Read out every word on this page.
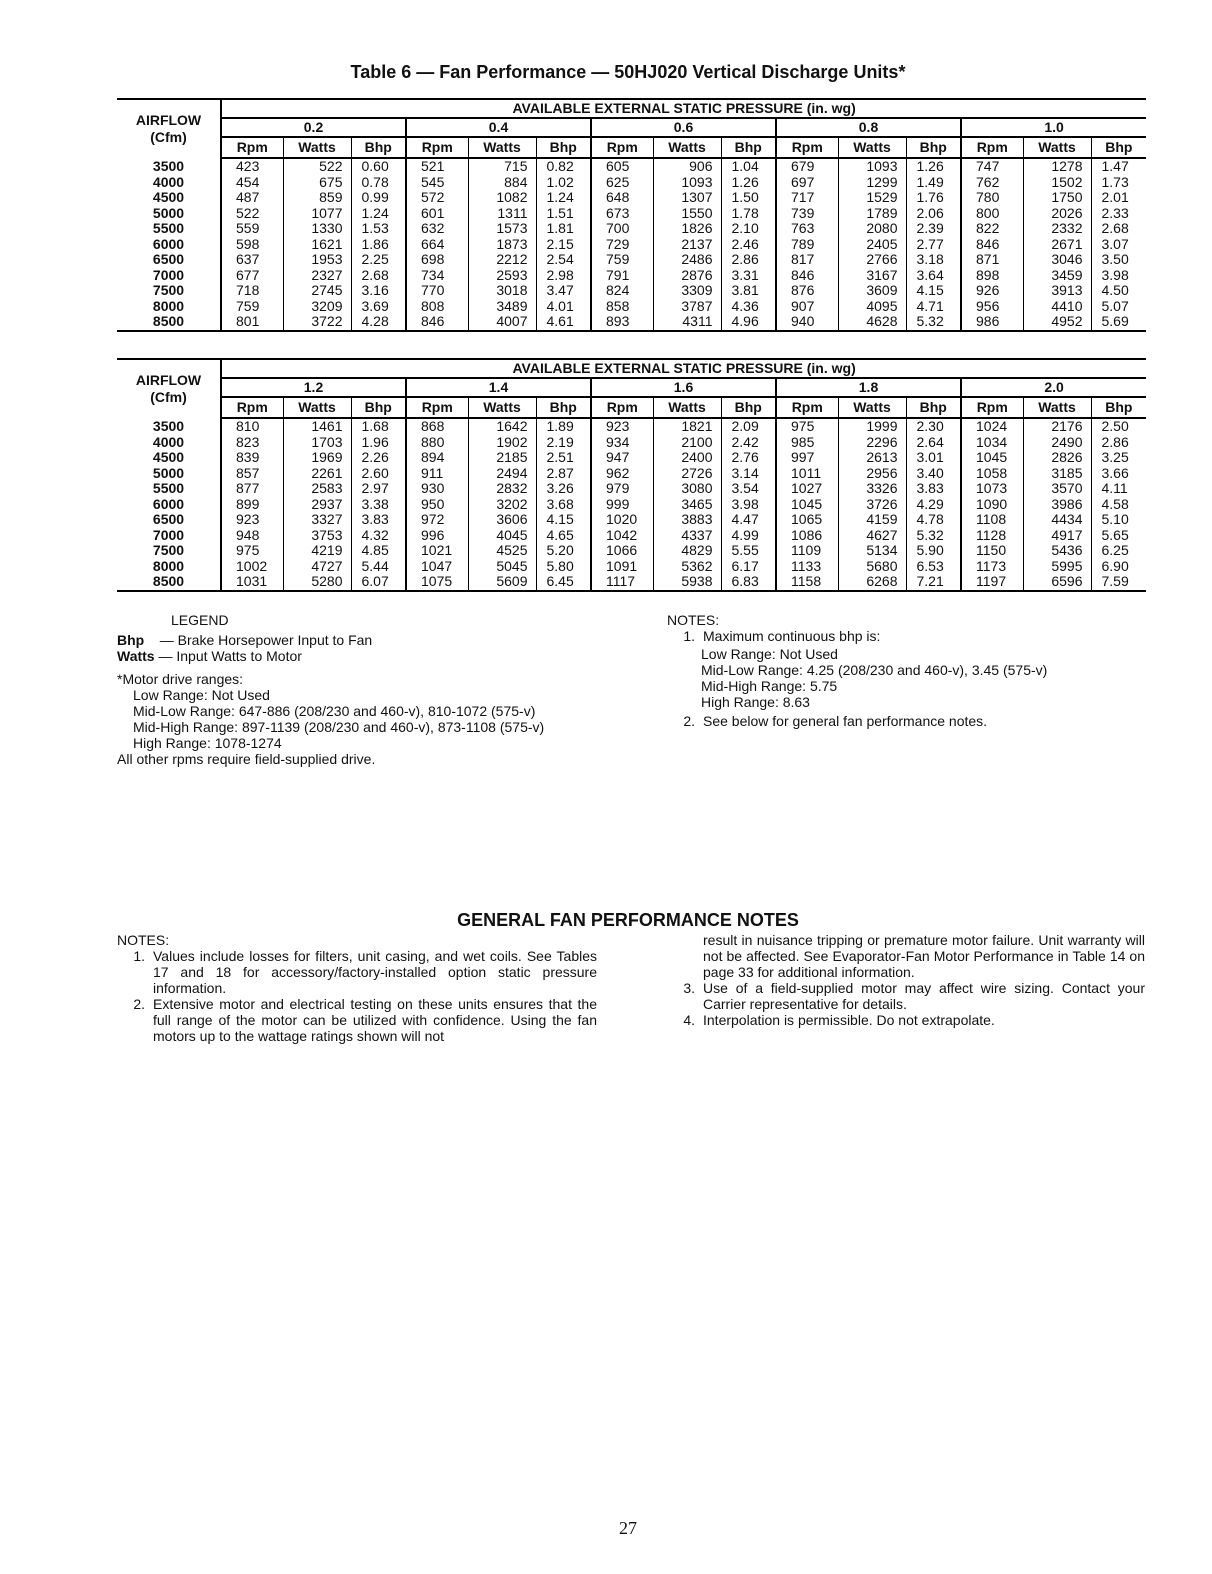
Table 6 — Fan Performance — 50HJ020 Vertical Discharge Units*
AIRFLOW
(Cfm)	AVAILABLE EXTERNAL STATIC PRESSURE (in. wg)														
	0.2			0.4			0.6			0.8			1.0		
	Rpm	Watts	Bhp	Rpm	Watts	Bhp	Rpm	Watts	Bhp	Rpm	Watts	Bhp	Rpm	Watts	Bhp
3500	423	522	0.60	521	715	0.82	605	906	1.04	679	1093	1.26	747	1278	1.47
4000	454	675	0.78	545	884	1.02	625	1093	1.26	697	1299	1.49	762	1502	1.73
4500	487	859	0.99	572	1082	1.24	648	1307	1.50	717	1529	1.76	780	1750	2.01
5000	522	1077	1.24	601	1311	1.51	673	1550	1.78	739	1789	2.06	800	2026	2.33
5500	559	1330	1.53	632	1573	1.81	700	1826	2.10	763	2080	2.39	822	2332	2.68
6000	598	1621	1.86	664	1873	2.15	729	2137	2.46	789	2405	2.77	846	2671	3.07
6500	637	1953	2.25	698	2212	2.54	759	2486	2.86	817	2766	3.18	871	3046	3.50
7000	677	2327	2.68	734	2593	2.98	791	2876	3.31	846	3167	3.64	898	3459	3.98
7500	718	2745	3.16	770	3018	3.47	824	3309	3.81	876	3609	4.15	926	3913	4.50
8000	759	3209	3.69	808	3489	4.01	858	3787	4.36	907	4095	4.71	956	4410	5.07
8500	801	3722	4.28	846	4007	4.61	893	4311	4.96	940	4628	5.32	986	4952	5.69
AIRFLOW
(Cfm)	AVAILABLE EXTERNAL STATIC PRESSURE (in. wg)														
	1.2			1.4			1.6			1.8			2.0		
	Rpm	Watts	Bhp	Rpm	Watts	Bhp	Rpm	Watts	Bhp	Rpm	Watts	Bhp	Rpm	Watts	Bhp
3500	810	1461	1.68	868	1642	1.89	923	1821	2.09	975	1999	2.30	1024	2176	2.50
4000	823	1703	1.96	880	1902	2.19	934	2100	2.42	985	2296	2.64	1034	2490	2.86
4500	839	1969	2.26	894	2185	2.51	947	2400	2.76	997	2613	3.01	1045	2826	3.25
5000	857	2261	2.60	911	2494	2.87	962	2726	3.14	1011	2956	3.40	1058	3185	3.66
5500	877	2583	2.97	930	2832	3.26	979	3080	3.54	1027	3326	3.83	1073	3570	4.11
6000	899	2937	3.38	950	3202	3.68	999	3465	3.98	1045	3726	4.29	1090	3986	4.58
6500	923	3327	3.83	972	3606	4.15	1020	3883	4.47	1065	4159	4.78	1108	4434	5.10
7000	948	3753	4.32	996	4045	4.65	1042	4337	4.99	1086	4627	5.32	1128	4917	5.65
7500	975	4219	4.85	1021	4525	5.20	1066	4829	5.55	1109	5134	5.90	1150	5436	6.25
8000	1002	4727	5.44	1047	5045	5.80	1091	5362	6.17	1133	5680	6.53	1173	5995	6.90
8500	1031	5280	6.07	1075	5609	6.45	1117	5938	6.83	1158	6268	7.21	1197	6596	7.59
LEGEND
Bhp — Brake Horsepower Input to Fan
Watts — Input Watts to Motor
*Motor drive ranges:
Low Range: Not Used
Mid-Low Range: 647-886 (208/230 and 460-v), 810-1072 (575-v)
Mid-High Range: 897-1139 (208/230 and 460-v), 873-1108 (575-v)
High Range: 1078-1274
All other rpms require field-supplied drive.
NOTES:
1. Maximum continuous bhp is:
Low Range: Not Used
Mid-Low Range: 4.25 (208/230 and 460-v), 3.45 (575-v)
Mid-High Range: 5.75
High Range: 8.63
2. See below for general fan performance notes.
GENERAL FAN PERFORMANCE NOTES
NOTES:
1. Values include losses for filters, unit casing, and wet coils. See Tables 17 and 18 for accessory/factory-installed option static pressure information.
2. Extensive motor and electrical testing on these units ensures that the full range of the motor can be utilized with confidence. Using the fan motors up to the wattage ratings shown will not
result in nuisance tripping or premature motor failure. Unit warranty will not be affected. See Evaporator-Fan Motor Performance in Table 14 on page 33 for additional information.
3. Use of a field-supplied motor may affect wire sizing. Contact your Carrier representative for details.
4. Interpolation is permissible. Do not extrapolate.
27
